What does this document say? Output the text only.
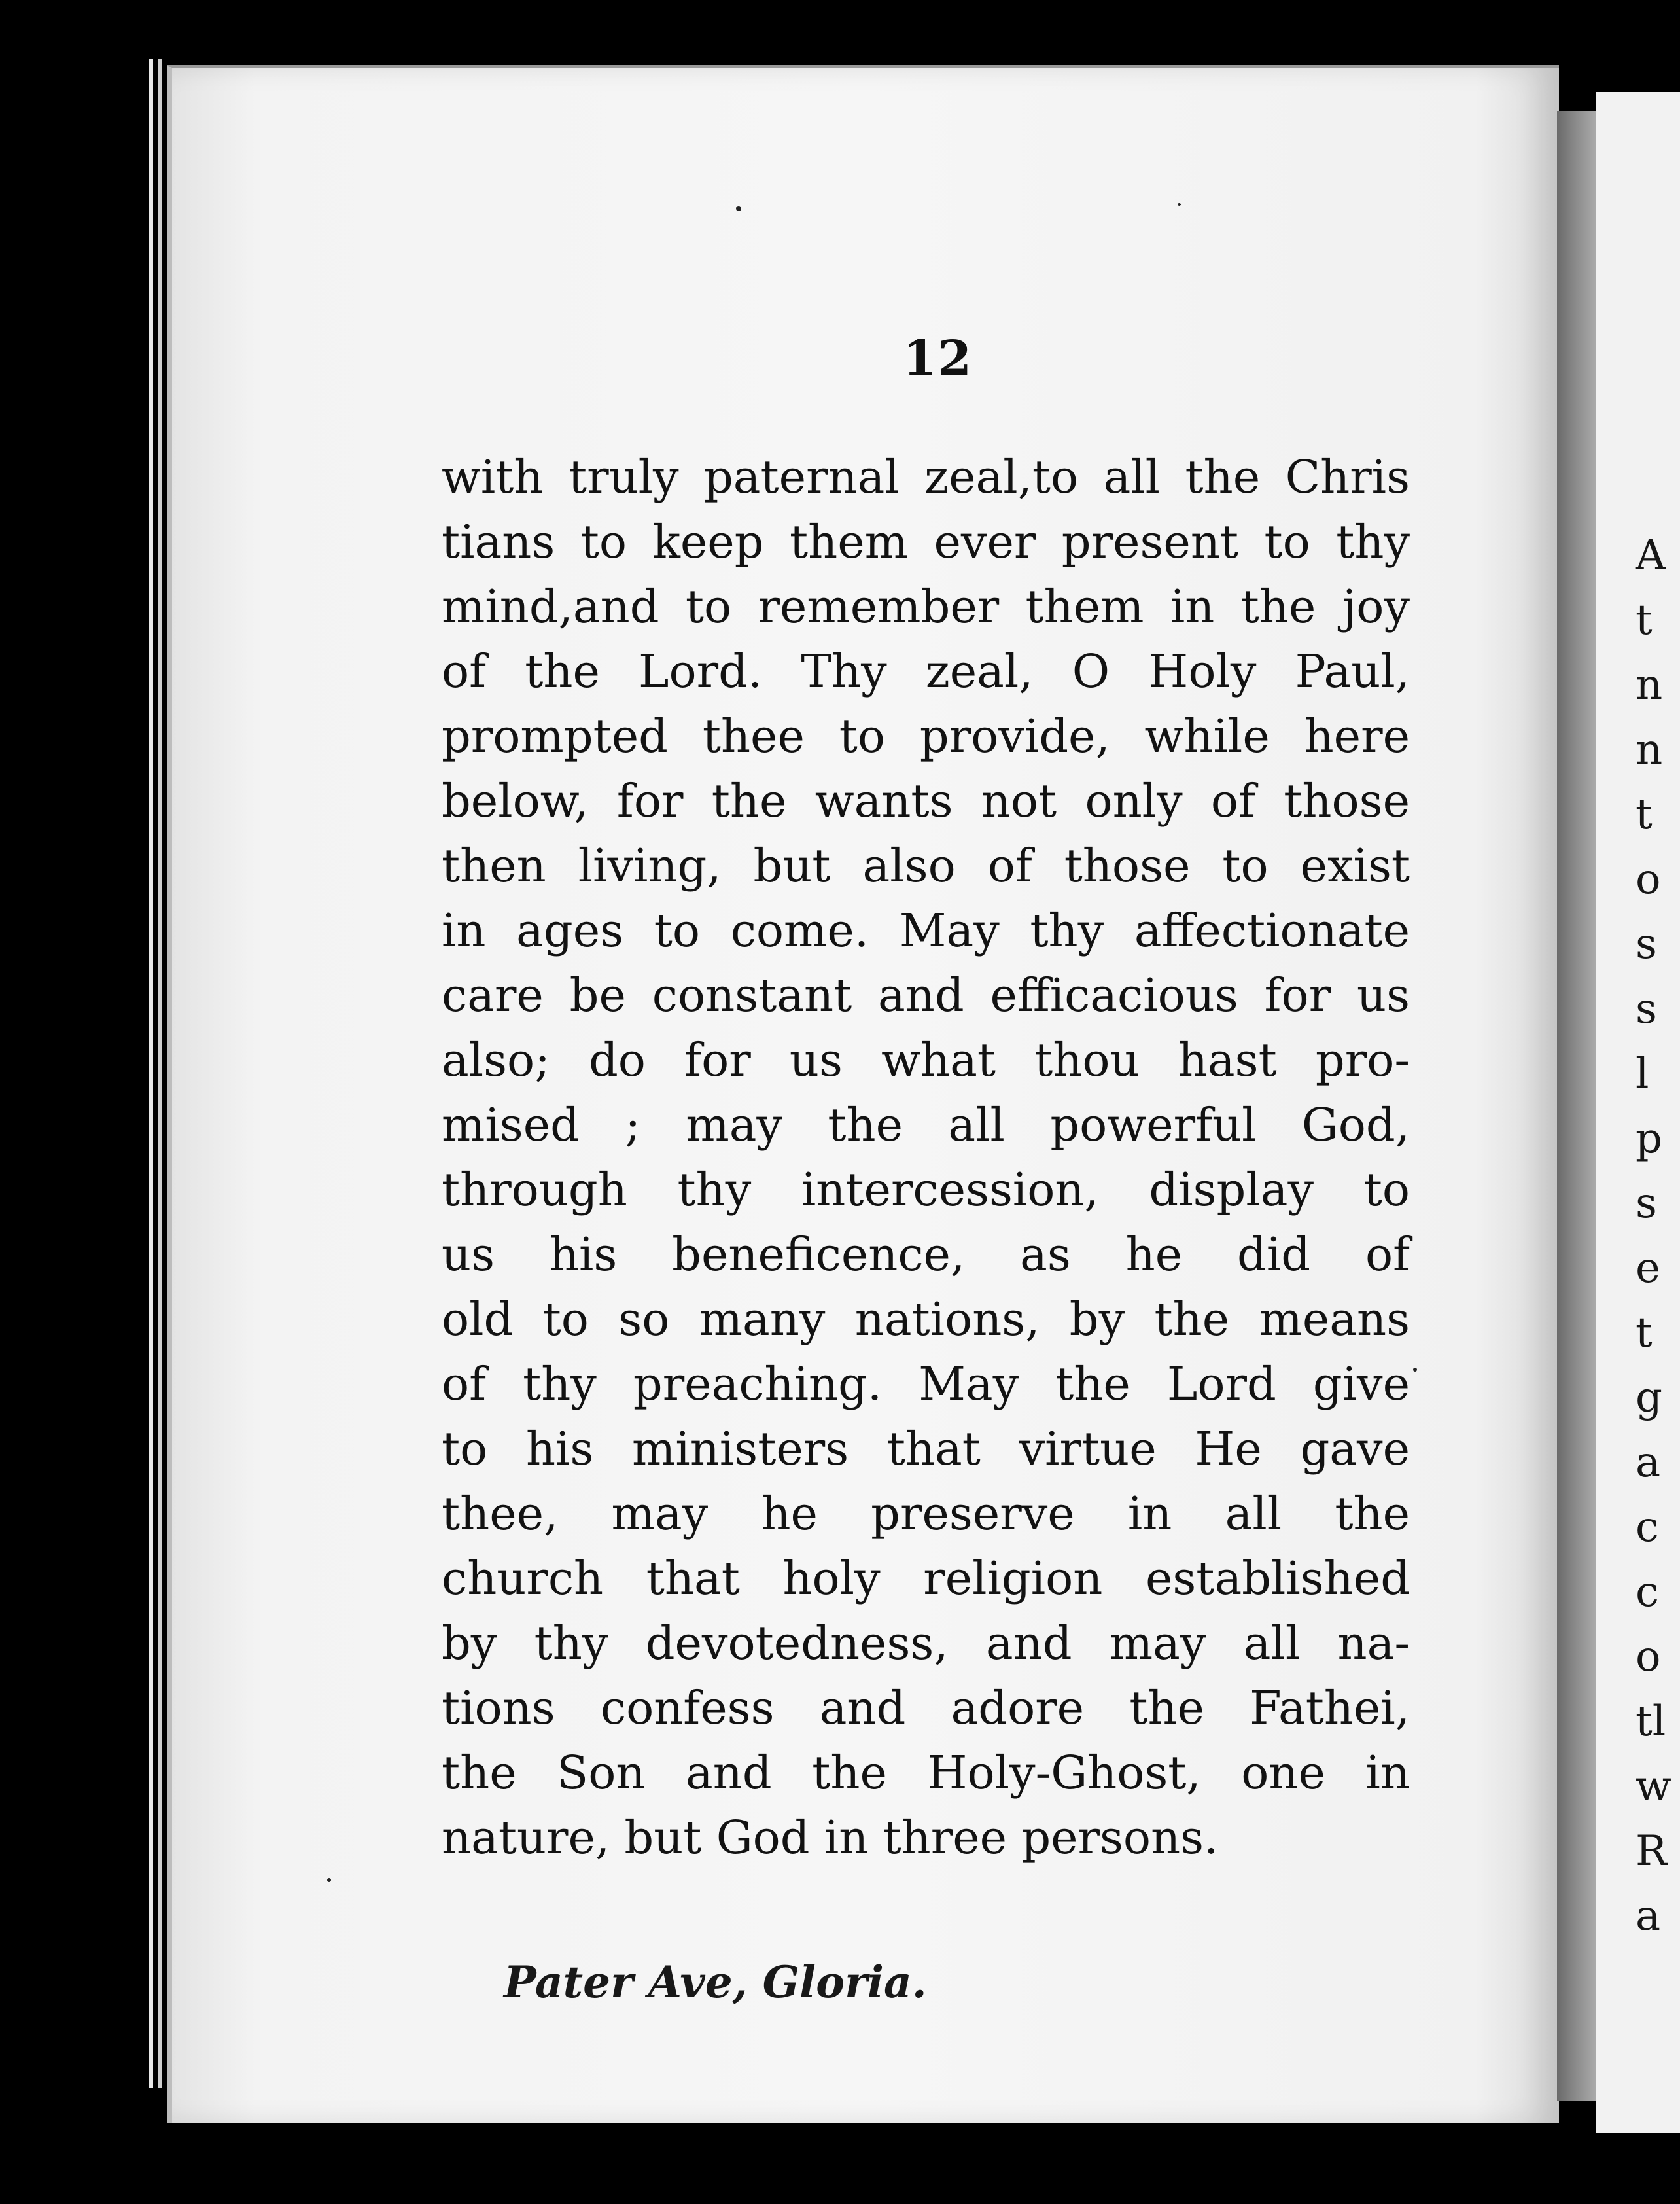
12
with truly paternal zeal,to all the Chris
tians to keep them ever present to thy
mind,and to remember them in the joy
of the Lord. Thy zeal, O Holy Paul,
prompted thee to provide, while here
below, for the wants not only of those
then living, but also of those to exist
in ages to come. May thy affectionate
care be constant and efficacious for us
also; do for us what thou hast pro-
mised ; may the all powerful God,
through thy intercession, display to
us his beneficence, as he did of
old to so many nations, by the means
of thy preaching. May the Lord give
to his ministers that virtue He gave
thee, may he preserve in all the
church that holy religion established
by thy devotedness, and may all na-
tions confess and adore the Fathei,
the Son and the Holy-Ghost, one in
nature, but God in three persons.
Pater Ave, Gloria.
A
t
n
n
t
o
s
s
l
p
s
e
t
g
a
c
c
o
tl
w
R
a
